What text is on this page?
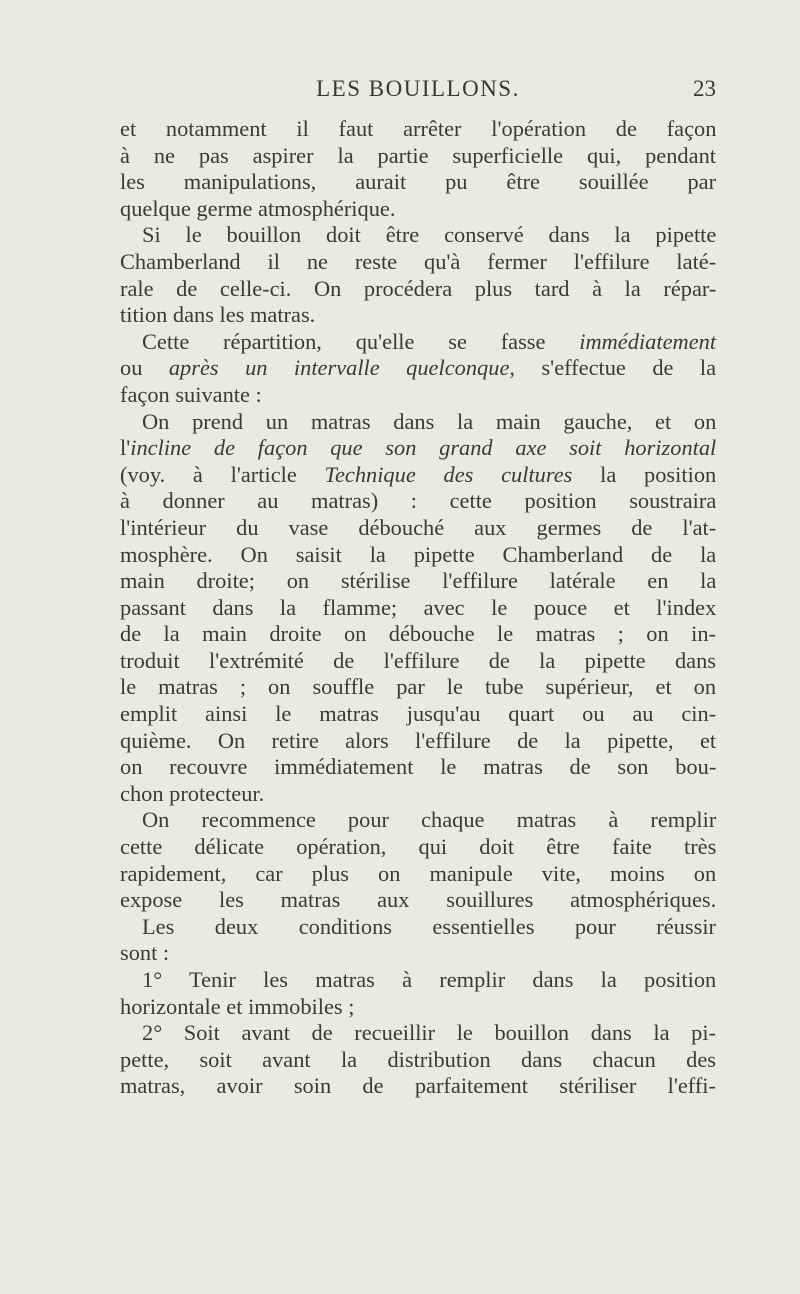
LES BOUILLONS.	23
et notamment il faut arrêter l'opération de façon
à ne pas aspirer la partie superficielle qui, pendant
les manipulations, aurait pu être souillée par
quelque germe atmosphérique.
Si le bouillon doit être conservé dans la pipette
Chamberland il ne reste qu'à fermer l'effilure laté-
rale de celle-ci. On procédera plus tard à la répar-
tition dans les matras.
Cette répartition, qu'elle se fasse immédiatement
ou après un intervalle quelconque, s'effectue de la
façon suivante :
On prend un matras dans la main gauche, et on
l'incline de façon que son grand axe soit horizontal
(voy. à l'article Technique des cultures la position
à donner au matras) : cette position soustraira
l'intérieur du vase débouché aux germes de l'at-
mosphère. On saisit la pipette Chamberland de la
main droite; on stérilise l'effilure latérale en la
passant dans la flamme; avec le pouce et l'index
de la main droite on débouche le matras ; on in-
troduit l'extrémité de l'effilure de la pipette dans
le matras ; on souffle par le tube supérieur, et on
emplit ainsi le matras jusqu'au quart ou au cin-
quième. On retire alors l'effilure de la pipette, et
on recouvre immédiatement le matras de son bou-
chon protecteur.
On recommence pour chaque matras à remplir
cette délicate opération, qui doit être faite très
rapidement, car plus on manipule vite, moins on
expose les matras aux souillures atmosphériques.
Les deux conditions essentielles pour réussir
sont :
1° Tenir les matras à remplir dans la position
horizontale et immobiles ;
2° Soit avant de recueillir le bouillon dans la pi-
pette, soit avant la distribution dans chacun des
matras, avoir soin de parfaitement stériliser l'effi-
